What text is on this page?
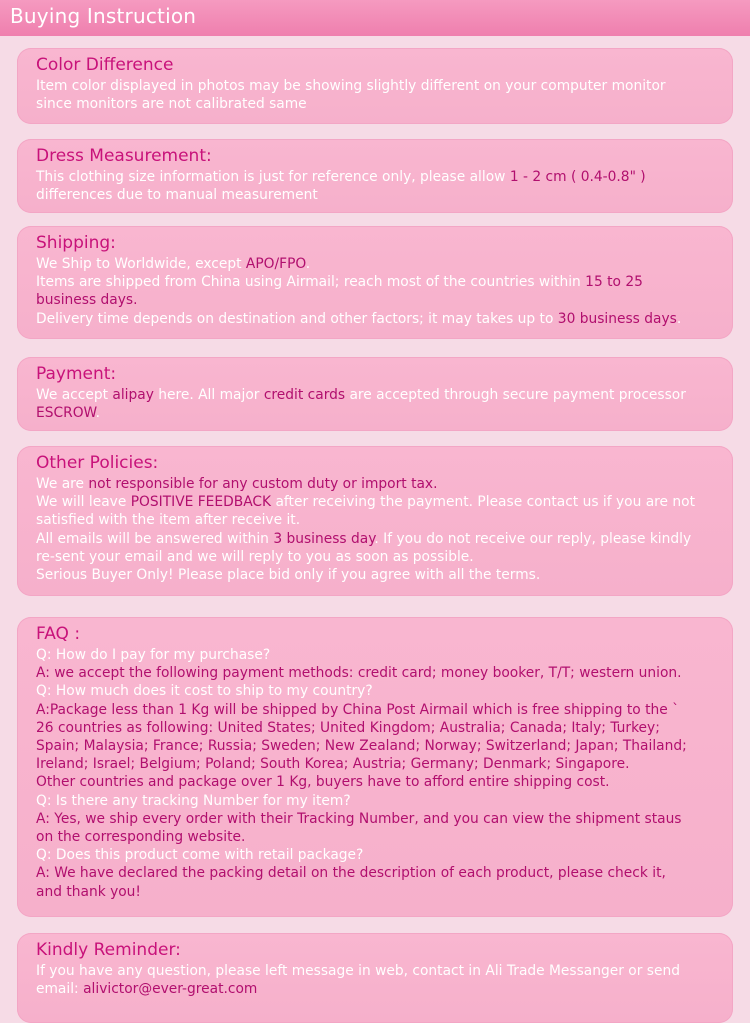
Buying Instruction
Color Difference
Item color displayed in photos may be showing slightly different on your computer monitor
since monitors are not calibrated same
Dress Measurement:
This clothing size information is just for reference only, please allow 1 - 2 cm ( 0.4-0.8" )
differences due to manual measurement
Shipping:
We Ship to Worldwide, except APO/FPO.
Items are shipped from China using Airmail; reach most of the countries within 15 to 25
business days.
Delivery time depends on destination and other factors; it may takes up to 30 business days.
Payment:
We accept alipay here. All major credit cards are accepted through secure payment processor
ESCROW.
Other Policies:
We are not responsible for any custom duty or import tax.
We will leave POSITIVE FEEDBACK after receiving the payment. Please contact us if you are not
satisfied with the item after receive it.
All emails will be answered within 3 business day. If you do not receive our reply, please kindly
re-sent your email and we will reply to you as soon as possible.
Serious Buyer Only! Please place bid only if you agree with all the terms.
FAQ :
Q: How do I pay for my purchase?
A: we accept the following payment methods: credit card; money booker, T/T; western union.
Q: How much does it cost to ship to my country?
A:Package less than 1 Kg will be shipped by China Post Airmail which is free shipping to the `
26 countries as following: United States; United Kingdom; Australia; Canada; Italy; Turkey;
Spain; Malaysia; France; Russia; Sweden; New Zealand; Norway; Switzerland; Japan; Thailand;
Ireland; Israel; Belgium; Poland; South Korea; Austria; Germany; Denmark; Singapore.
Other countries and package over 1 Kg, buyers have to afford entire shipping cost.
Q: Is there any tracking Number for my item?
A: Yes, we ship every order with their Tracking Number, and you can view the shipment staus
on the corresponding website.
Q: Does this product come with retail package?
A: We have declared the packing detail on the description of each product, please check it,
and thank you!
Kindly Reminder:
If you have any question, please left message in web, contact in Ali Trade Messanger or send
email: alivictor@ever-great.com
